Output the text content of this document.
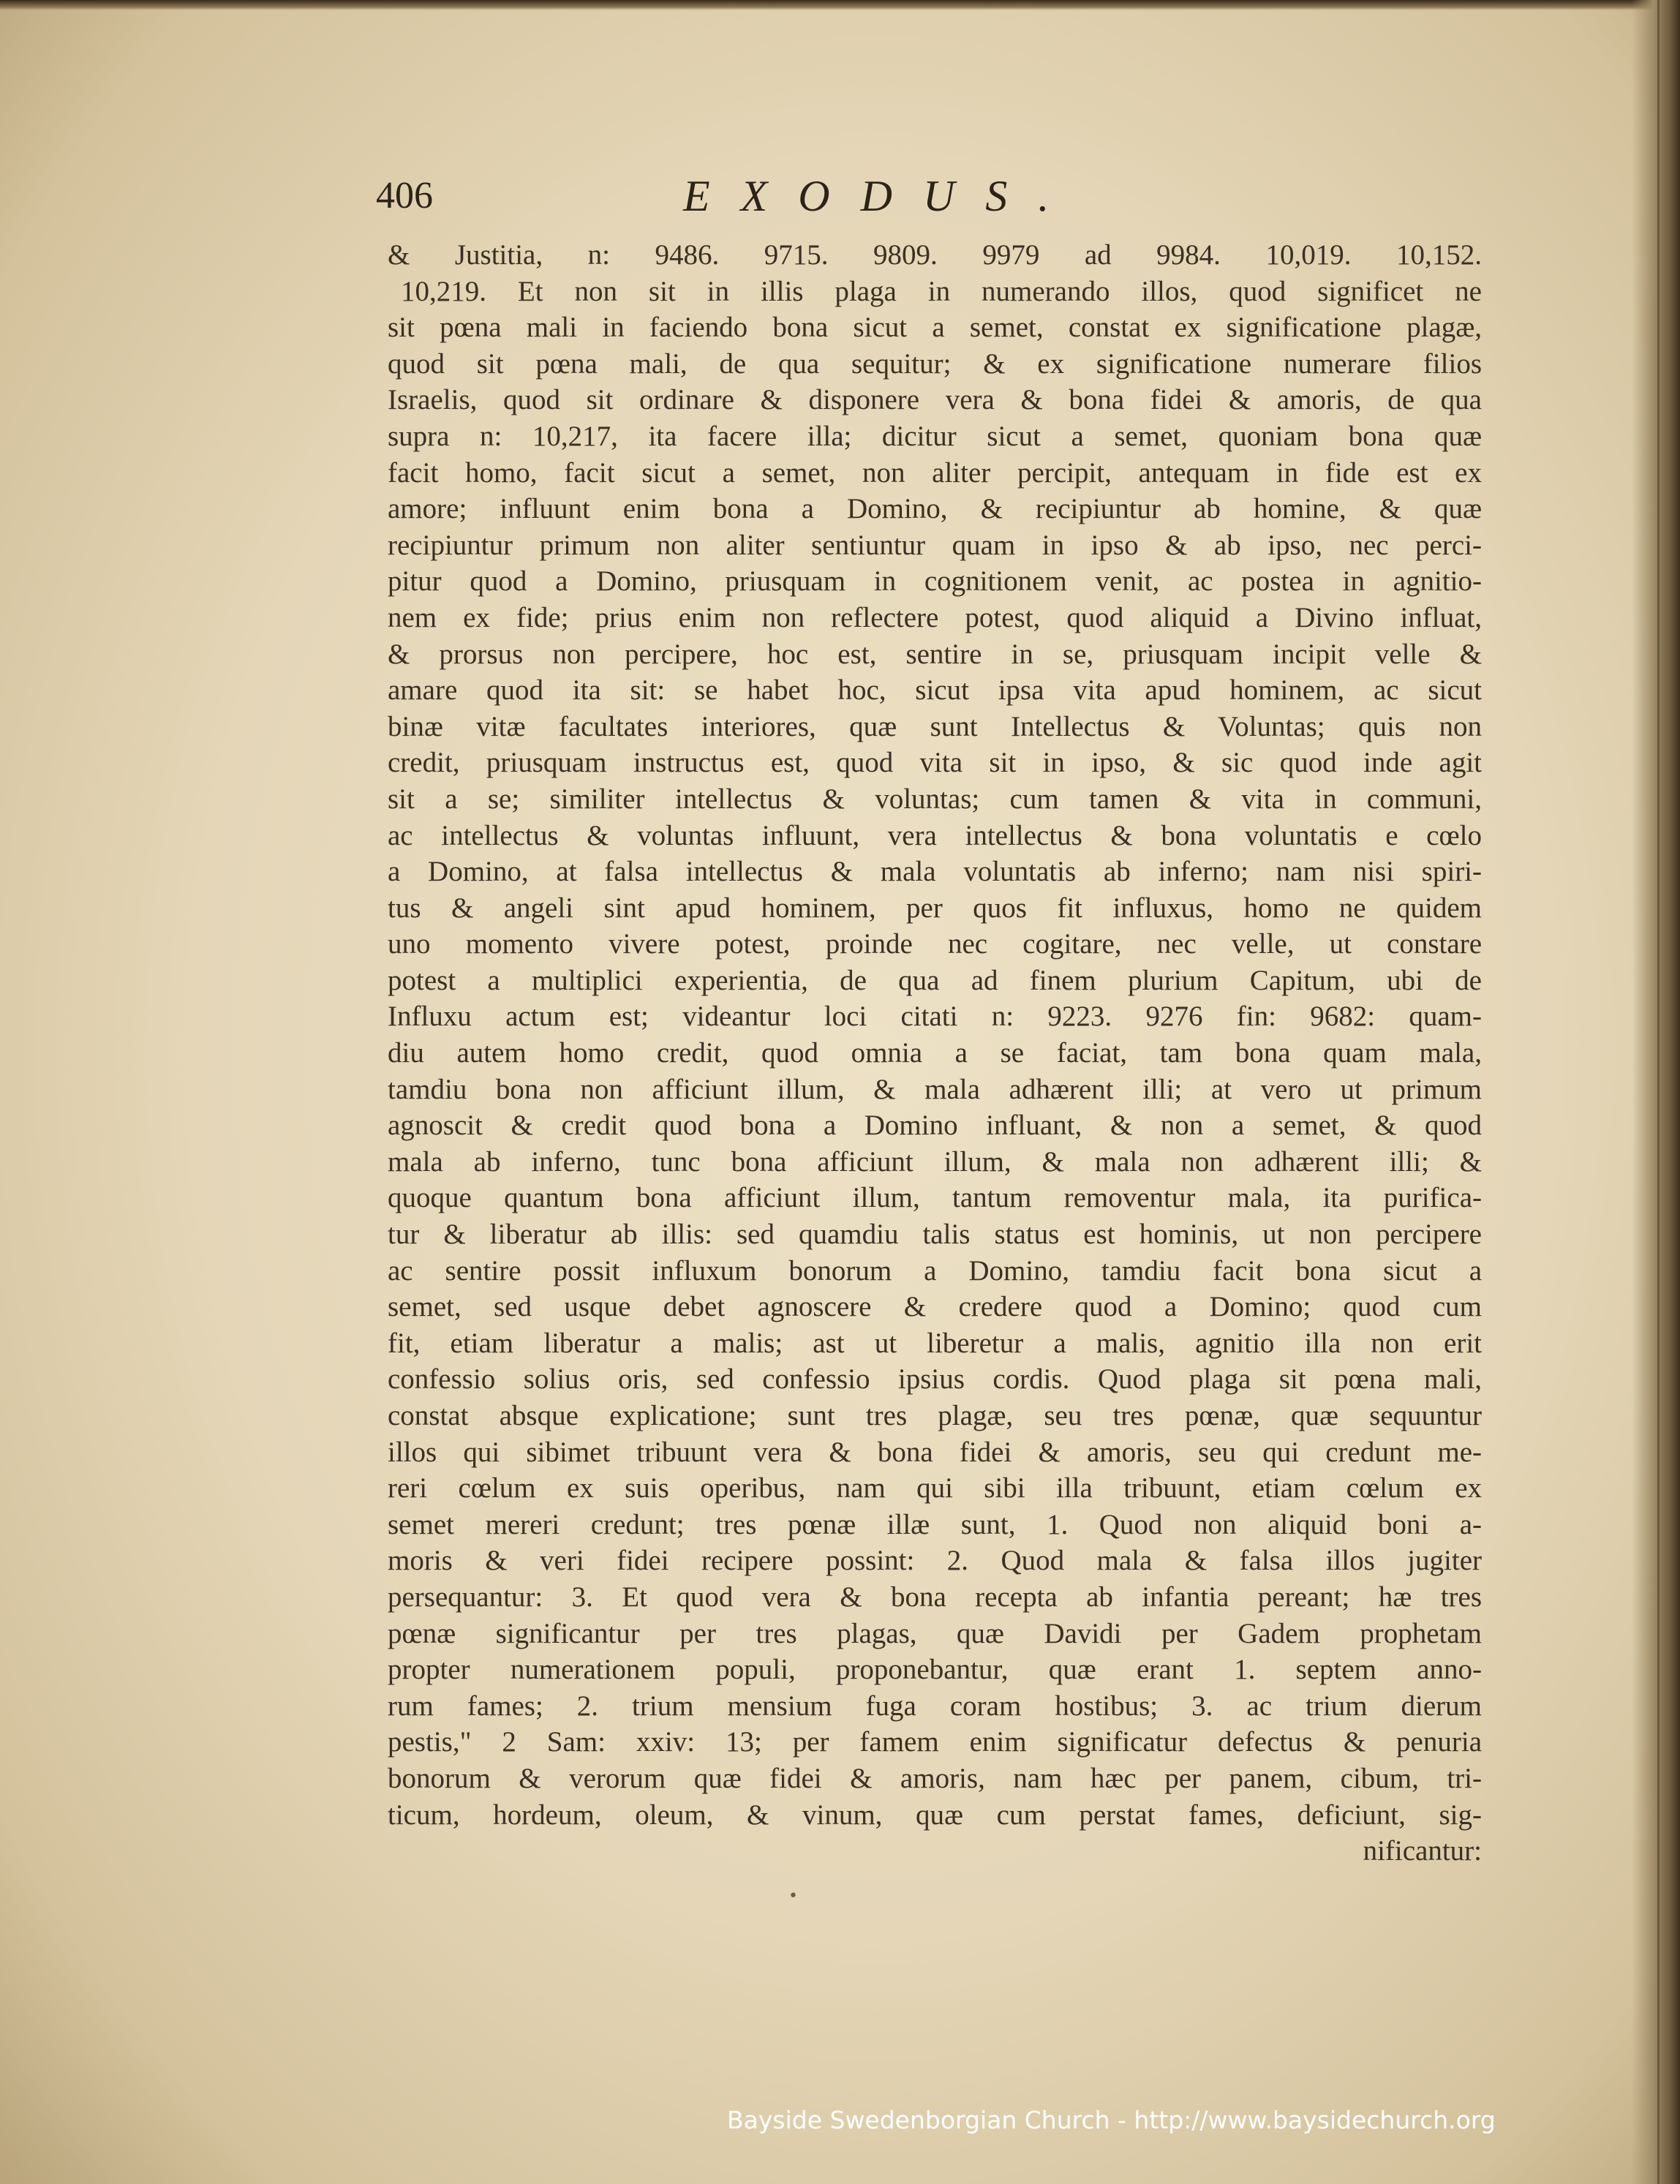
406	EXODUS.
& Justitia, n: 9486. 9715. 9809. 9979 ad 9984. 10,019. 10,152.
10,219. Et non sit in illis plaga in numerando illos, quod significet ne
sit pœna mali in faciendo bona sicut a semet, constat ex significatione plagæ,
quod sit pœna mali, de qua sequitur; & ex significatione numerare filios
Israelis, quod sit ordinare & disponere vera & bona fidei & amoris, de qua
supra n: 10,217, ita facere illa; dicitur sicut a semet, quoniam bona quæ
facit homo, facit sicut a semet, non aliter percipit, antequam in fide est ex
amore; influunt enim bona a Domino, & recipiuntur ab homine, & quæ
recipiuntur primum non aliter sentiuntur quam in ipso & ab ipso, nec perci-
pitur quod a Domino, priusquam in cognitionem venit, ac postea in agnitio-
nem ex fide; prius enim non reflectere potest, quod aliquid a Divino influat,
& prorsus non percipere, hoc est, sentire in se, priusquam incipit velle &
amare quod ita sit: se habet hoc, sicut ipsa vita apud hominem, ac sicut
binæ vitæ facultates interiores, quæ sunt Intellectus & Voluntas; quis non
credit, priusquam instructus est, quod vita sit in ipso, & sic quod inde agit
sit a se; similiter intellectus & voluntas; cum tamen & vita in communi,
ac intellectus & voluntas influunt, vera intellectus & bona voluntatis e cœlo
a Domino, at falsa intellectus & mala voluntatis ab inferno; nam nisi spiri-
tus & angeli sint apud hominem, per quos fit influxus, homo ne quidem
uno momento vivere potest, proinde nec cogitare, nec velle, ut constare
potest a multiplici experientia, de qua ad finem plurium Capitum, ubi de
Influxu actum est; videantur loci citati n: 9223. 9276 fin: 9682: quam-
diu autem homo credit, quod omnia a se faciat, tam bona quam mala,
tamdiu bona non afficiunt illum, & mala adhærent illi; at vero ut primum
agnoscit & credit quod bona a Domino influant, & non a semet, & quod
mala ab inferno, tunc bona afficiunt illum, & mala non adhærent illi; &
quoque quantum bona afficiunt illum, tantum removentur mala, ita purifica-
tur & liberatur ab illis: sed quamdiu talis status est hominis, ut non percipere
ac sentire possit influxum bonorum a Domino, tamdiu facit bona sicut a
semet, sed usque debet agnoscere & credere quod a Domino; quod cum
fit, etiam liberatur a malis; ast ut liberetur a malis, agnitio illa non erit
confessio solius oris, sed confessio ipsius cordis. Quod plaga sit pœna mali,
constat absque explicatione; sunt tres plagæ, seu tres pœnæ, quæ sequuntur
illos qui sibimet tribuunt vera & bona fidei & amoris, seu qui credunt me-
reri cœlum ex suis operibus, nam qui sibi illa tribuunt, etiam cœlum ex
semet mereri credunt; tres pœnæ illæ sunt, 1. Quod non aliquid boni a-
moris & veri fidei recipere possint: 2. Quod mala & falsa illos jugiter
persequantur: 3. Et quod vera & bona recepta ab infantia pereant; hæ tres
pœnæ significantur per tres plagas, quæ Davidi per Gadem prophetam
propter numerationem populi, proponebantur, quæ erant 1. septem anno-
rum fames; 2. trium mensium fuga coram hostibus; 3. ac trium dierum
pestis," 2 Sam: xxiv: 13; per famem enim significatur defectus & penuria
bonorum & verorum quæ fidei & amoris, nam hæc per panem, cibum, tri-
ticum, hordeum, oleum, & vinum, quæ cum perstat fames, deficiunt, sig-
nificantur:
•
Bayside Swedenborgian Church - http://www.baysidechurch.org
